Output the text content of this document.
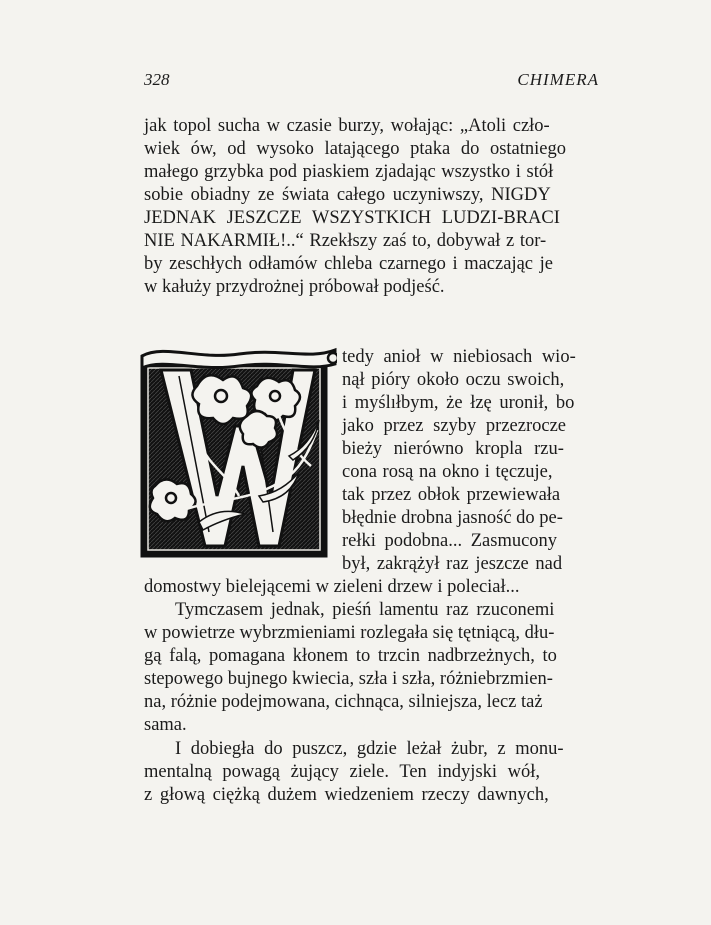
328	CHIMERA
jak topol sucha w czasie burzy, wołając: „Atoli czło-
wiek ów, od wysoko latającego ptaka do ostatniego
małego grzybka pod piaskiem zjadając wszystko i stół
sobie obiadny ze świata całego uczyniwszy, NIGDY
JEDNAK JESZCZE WSZYSTKICH LUDZI-BRACI
NIE NAKARMIŁ!..“ Rzekłszy zaś to, dobywał z tor-
by zeschłych odłamów chleba czarnego i maczając je
w kałuży przydrożnej próbował podjeść.
tedy anioł w niebiosach wio-
nął pióry około oczu swoich,
i myślıłbym, że łzę uronił, bo
jako przez szyby przezrocze
bieży nierówno kropla rzu-
cona rosą na okno i tęczuje,
tak przez obłok przewiewała
błędnie drobna jasność do pe-
rełki podobna... Zasmucony
był, zakrążył raz jeszcze nad
domostwy bielejącemi w zieleni drzew i poleciał...
Tymczasem jednak, pieśń lamentu raz rzuconemi
w powietrze wybrzmieniami rozlegała się tętniącą, dłu-
gą falą, pomagana kłonem to trzcin nadbrzeżnych, to
stepowego bujnego kwiecia, szła i szła, różniebrzmien-
na, różnie podejmowana, cichnąca, silniejsza, lecz taż
sama.
I dobiegła do puszcz, gdzie leżał żubr, z monu-
mentalną powagą żujący ziele. Ten indyjski wół,
z głową ciężką dużem wiedzeniem rzeczy dawnych,
